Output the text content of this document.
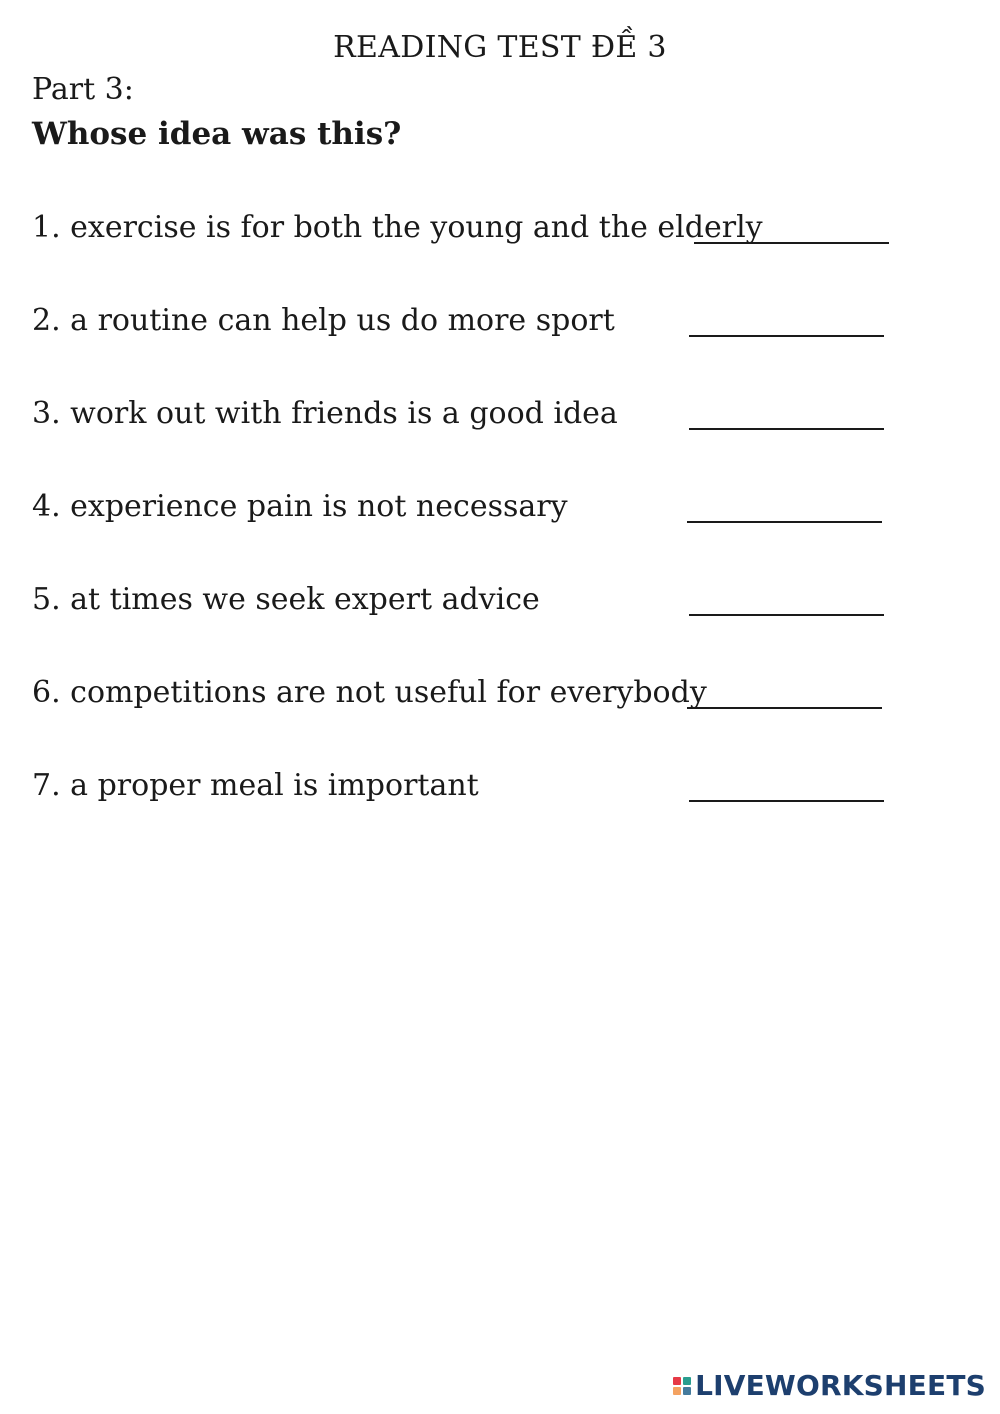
READING TEST ĐỀ 3
Part 3:
Whose idea was this?
1. exercise is for both the young and the elderly
2. a routine can help us do more sport
3. work out with friends is a good idea
4. experience pain is not necessary
5. at times we seek expert advice
6. competitions are not useful for everybody
7. a proper meal is important
LIVEWORKSHEETS
